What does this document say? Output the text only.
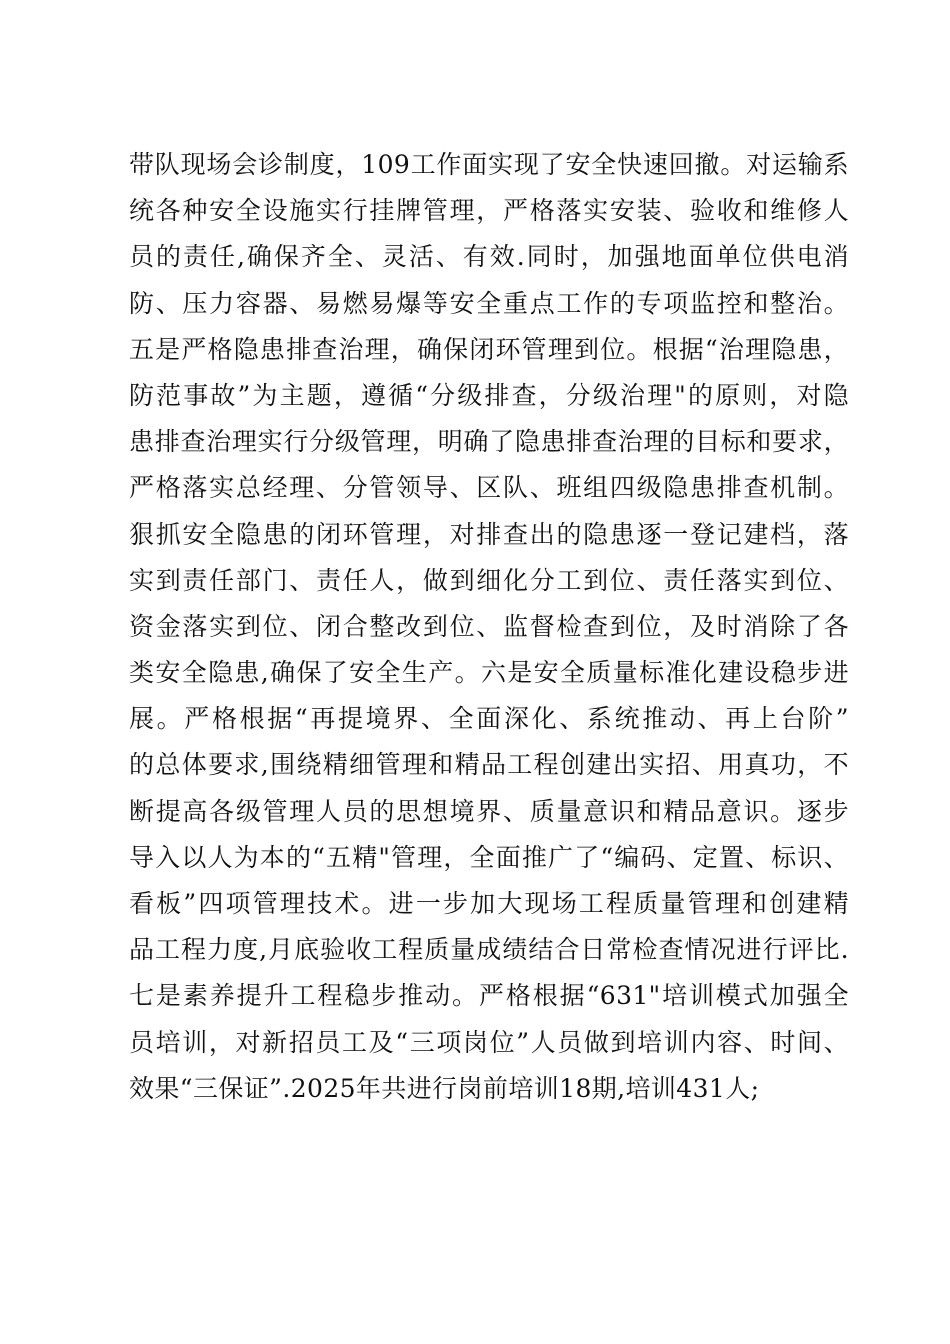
带队现场会诊制度，109工作面实现了安全快速回撤。对运输系
统各种安全设施实行挂牌管理，严格落实安装、验收和维修人
员的责任,确保齐全、灵活、有效.同时，加强地面单位供电消
防、压力容器、易燃易爆等安全重点工作的专项监控和整治。
五是严格隐患排查治理，确保闭环管理到位。根据“治理隐患，
防范事故”为主题，遵循“分级排查，分级治理"的原则，对隐
患排查治理实行分级管理，明确了隐患排查治理的目标和要求，
严格落实总经理、分管领导、区队、班组四级隐患排查机制。
狠抓安全隐患的闭环管理，对排查出的隐患逐一登记建档，落
实到责任部门、责任人，做到细化分工到位、责任落实到位、
资金落实到位、闭合整改到位、监督检查到位，及时消除了各
类安全隐患,确保了安全生产。六是安全质量标准化建设稳步进
展。严格根据“再提境界、全面深化、系统推动、再上台阶”
的总体要求,围绕精细管理和精品工程创建出实招、用真功，不
断提高各级管理人员的思想境界、质量意识和精品意识。逐步
导入以人为本的“五精"管理，全面推广了“编码、定置、标识、
看板”四项管理技术。进一步加大现场工程质量管理和创建精
品工程力度,月底验收工程质量成绩结合日常检查情况进行评比.
七是素养提升工程稳步推动。严格根据“631"培训模式加强全
员培训，对新招员工及“三项岗位”人员做到培训内容、时间、
效果“三保证”.2025年共进行岗前培训18期,培训431人;
